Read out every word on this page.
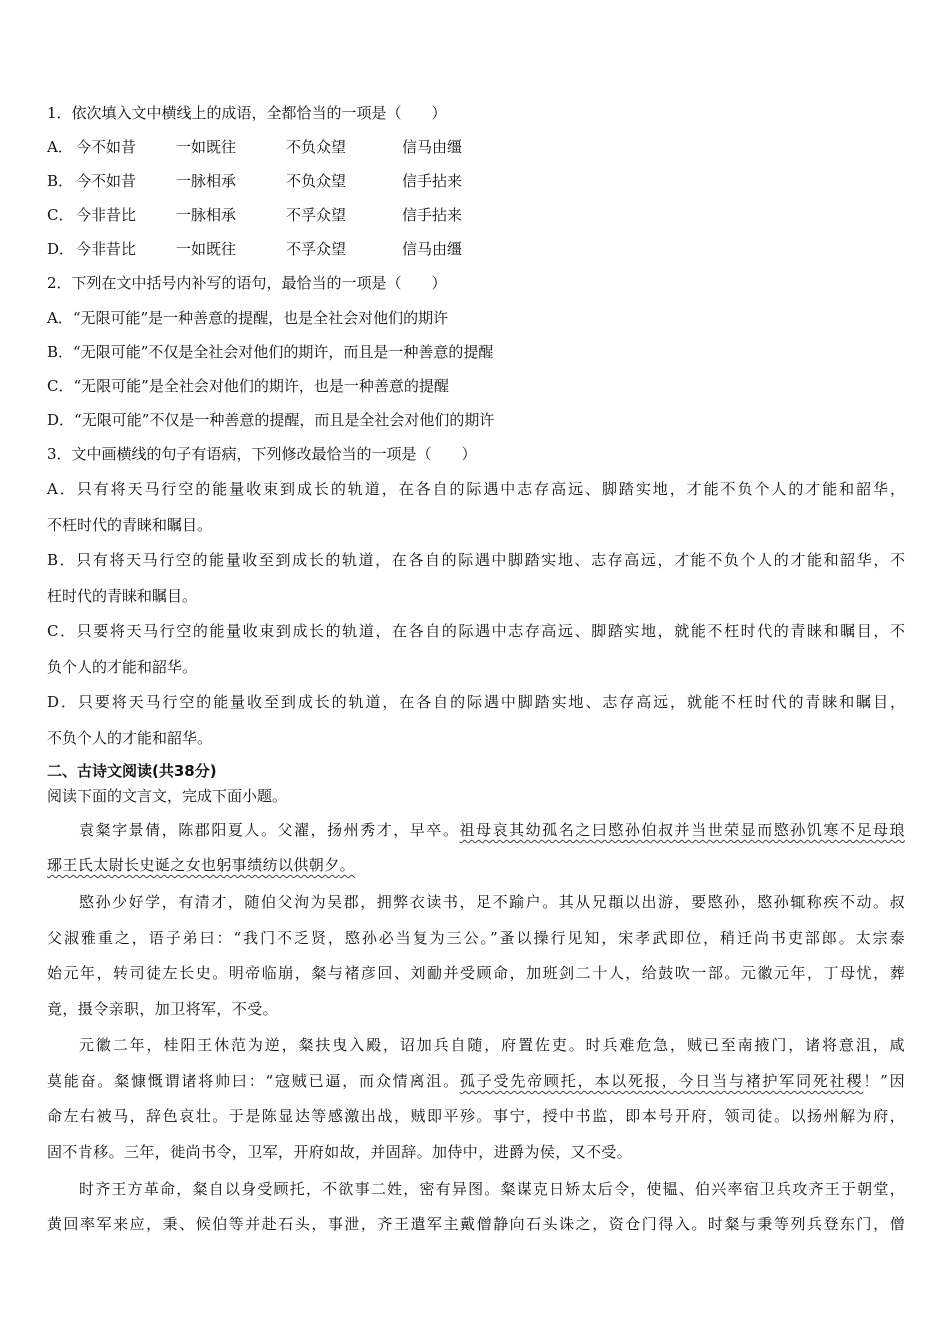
1．依次填入文中横线上的成语，全都恰当的一项是（　　）
A． 今不如昔	一如既往	不负众望	信马由缰
B． 今不如昔	一脉相承	不负众望	信手拈来
C． 今非昔比	一脉相承	不孚众望	信手拈来
D． 今非昔比	一如既往	不孚众望	信马由缰
2．下列在文中括号内补写的语句，最恰当的一项是（　　）
A．“无限可能”是一种善意的提醒，也是全社会对他们的期许
B．“无限可能”不仅是全社会对他们的期许，而且是一种善意的提醒
C．“无限可能”是全社会对他们的期许，也是一种善意的提醒
D．“无限可能”不仅是一种善意的提醒，而且是全社会对他们的期许
3．文中画横线的句子有语病，下列修改最恰当的一项是（　　）
A．只有将天马行空的能量收束到成长的轨道，在各自的际遇中志存高远、脚踏实地，才能不负个人的才能和韶华，
不枉时代的青睐和瞩目。
B．只有将天马行空的能量收至到成长的轨道，在各自的际遇中脚踏实地、志存高远，才能不负个人的才能和韶华，不
枉时代的青睐和瞩目。
C．只要将天马行空的能量收束到成长的轨道，在各自的际遇中志存高远、脚踏实地，就能不枉时代的青睐和瞩目，不
负个人的才能和韶华。
D．只要将天马行空的能量收至到成长的轨道，在各自的际遇中脚踏实地、志存高远，就能不枉时代的青睐和瞩目，
不负个人的才能和韶华。
二、古诗文阅读(共38分)
阅读下面的文言文，完成下面小题。
袁粲字景倩，陈郡阳夏人。父濯，扬州秀才，早卒。祖母哀其幼孤名之曰愍孙伯叔并当世荣显而愍孙饥寒不足母琅
琊王氏太尉长史诞之女也躬事绩纺以供朝夕。
愍孙少好学，有清才，随伯父洵为吴郡，拥弊衣读书，足不踰户。其从兄頵以出游，要愍孙，愍孙辄称疾不动。叔
父淑雅重之，语子弟曰：“我门不乏贤，愍孙必当复为三公。”蚤以操行见知，宋孝武即位，稍迁尚书吏部郎。太宗泰
始元年，转司徒左长史。明帝临崩，粲与褚彦回、刘勔并受顾命，加班剑二十人，给鼓吹一部。元徽元年，丁母忧，葬
竟，摄令亲职，加卫将军，不受。
元徽二年，桂阳王休范为逆，粲扶曳入殿，诏加兵自随，府置佐吏。时兵难危急，贼已至南掖门，诸将意沮，咸
莫能奋。粲慷慨谓诸将帅曰：“寇贼已逼，而众情离沮。孤子受先帝顾托，本以死报，今日当与褚护军同死社稷！”因
命左右被马，辞色哀壮。于是陈显达等感激出战，贼即平殄。事宁，授中书监，即本号开府，领司徒。以扬州解为府，
固不肯移。三年，徙尚书令，卫军，开府如故，并固辞。加侍中，进爵为侯，又不受。
时齐王方革命，粲自以身受顾托，不欲事二姓，密有异图。粲谋克日矫太后令，使韫、伯兴率宿卫兵攻齐王于朝堂，
黄回率军来应，秉、候伯等并赴石头，事泄，齐王遣军主戴僧静向石头诛之，资仓门得入。时粲与秉等列兵登东门，僧
